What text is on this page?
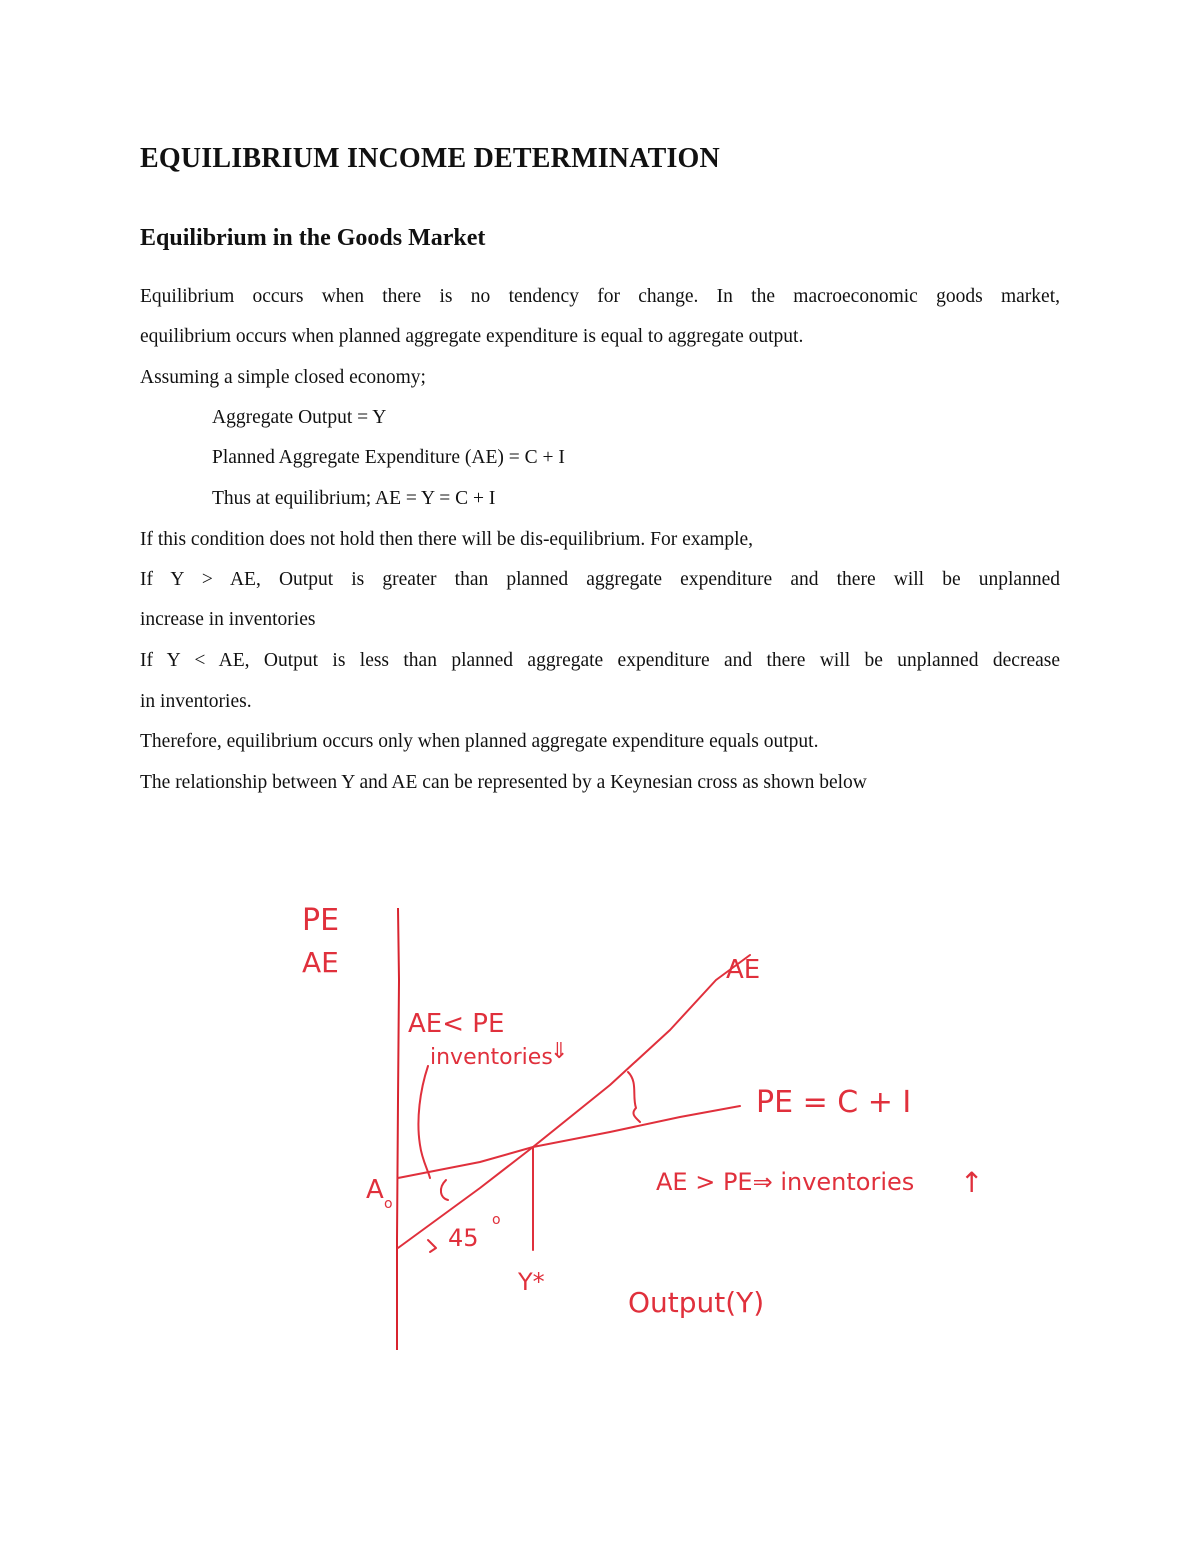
EQUILIBRIUM INCOME DETERMINATION
Equilibrium in the Goods Market
Equilibrium occurs when there is no tendency for change. In the macroeconomic goods market,
equilibrium occurs when planned aggregate expenditure is equal to aggregate output.
Assuming a simple closed economy;
Aggregate Output = Y
Planned Aggregate Expenditure (AE) = C + I
Thus at equilibrium; AE = Y = C + I
If this condition does not hold then there will be dis-equilibrium. For example,
If Y > AE, Output is greater than planned aggregate expenditure and there will be unplanned
increase in inventories
If Y < AE, Output is less than planned aggregate expenditure and there will be unplanned decrease
in inventories.
Therefore, equilibrium occurs only when planned aggregate expenditure equals output.
The relationship between Y and AE can be represented by a Keynesian cross as shown below
PE
AE	AE
PE = C + I
AE< PE
inventories
⇓
AE > PE⇒ inventories ↑
A o
45
o
Y*
Output(Y)
